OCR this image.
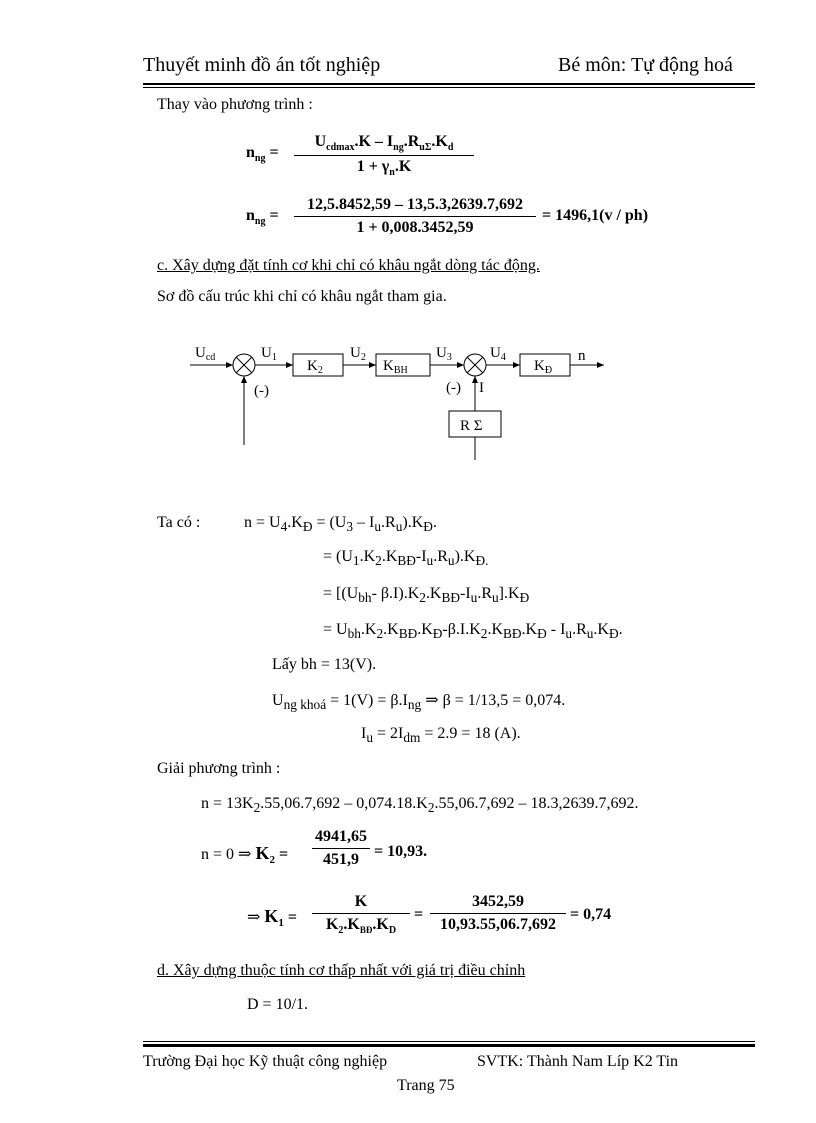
Thuyết minh đồ án tốt nghiệp	Bé môn: Tự động hoá
Thay vào phương trình :
$n_{ng}$ =
$U_{cdmax}.K - I_{ng}.R_{u\Sigma}.K_d$
$1 + \gamma_n.K$
$n_{ng}$ =
12,5.8452,59 – 13,5.3,2639.7,692
1 + 0,008.3452,59
= 1496,1(v / ph)
c. Xây dựng đặt tính cơ khi chỉ có khâu ngắt dòng tác động.
Sơ đồ cấu trúc khi chỉ có khâu ngắt tham gia.
$U_{cd}$	$U_1$	$U_2$	$U_3$	$U_4$	n
$K_2$	$K_{BH}$	$K_Đ$
(-)	(-) I
R Σ
Ta có :	$n = U_4.K_Đ = (U_3 - I_u.R_u).K_Đ$.
= $(U_1.K_2.K_{BĐ}-I_u.R_u).K_{Đ.}$
= [($U_{bh}-$ $\beta.I).K_2.K_{BĐ}-I_u.R_u].K_Đ$
= $U_{bh}.K_2.K_{BĐ}.K_Đ-\beta.I.K_2.K_{BĐ}.K_Đ - I_u.R_u.K_Đ$.
Lấy bh = 13(V).
$U_{ng khoá} = 1(V) = \beta.I_{ng}$ ⇒ β = 1/13,5 = 0,074.
$I_u = 2I_{dm} = 2.9 = 18$ (A).
Giải phương trình :
$n = 13K_2.55,06.7,692 - 0,074.18.K_2.55,06.7,692 - 18.3,2639.7,692$.
n = 0 ⇒ $K_2$ =
4941,65
451,9 = 10,93.
⇒ $K_1$ =
K
$K_2.K_{BĐ}.K_D$
=
3452,59
10,93.55,06.7,692
= 0,74
d. Xây dựng thuộc tính cơ thấp nhất với giá trị điều chỉnh
D = 10/1.
Trường Đại học Kỹ thuật công nghiệp	SVTK: Thành Nam Líp K2 Tin
Trang 75
